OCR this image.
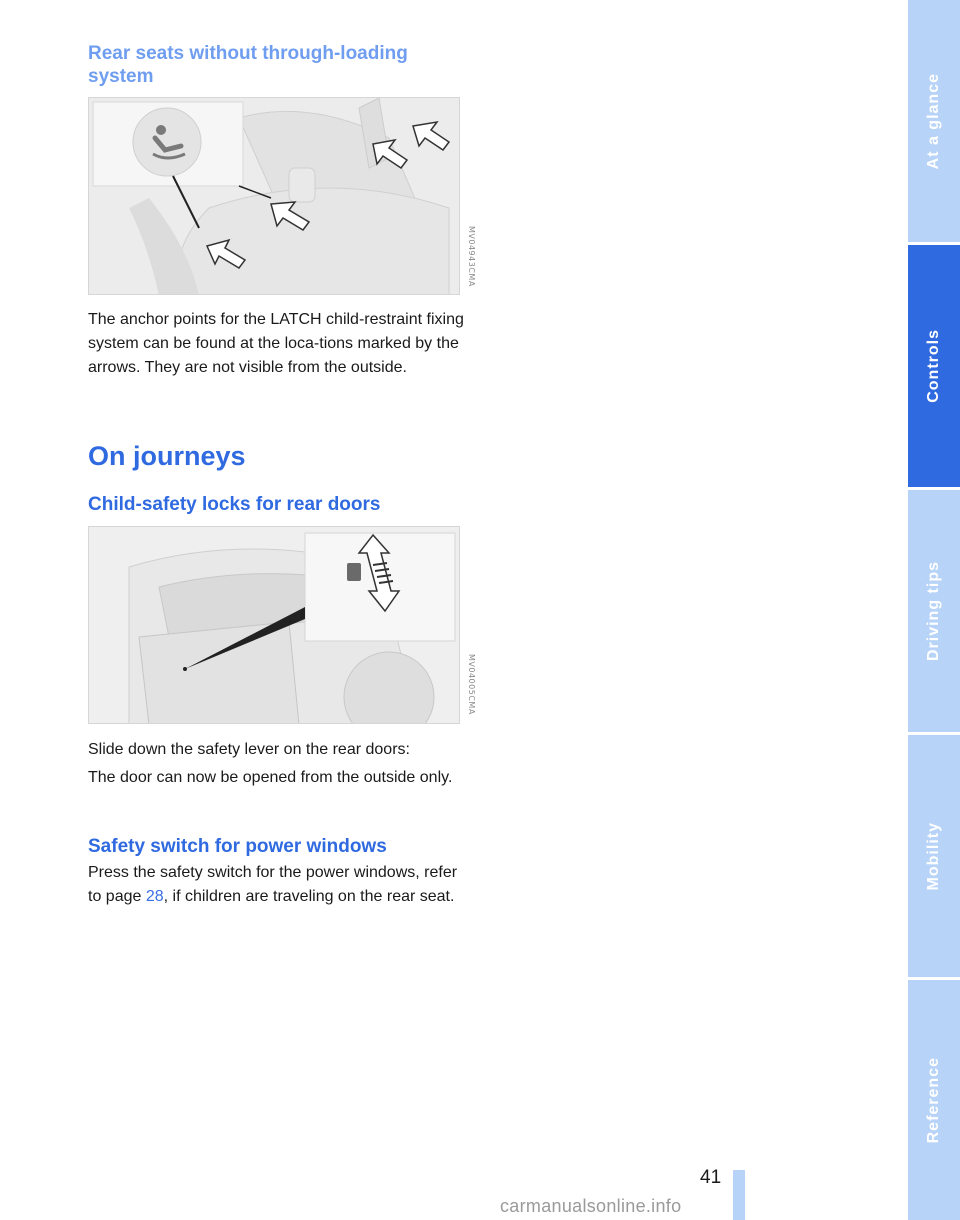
Rear seats without through-loading system
MV04943CMA
The anchor points for the LATCH child-restraint fixing system can be found at the loca-tions marked by the arrows. They are not visible from the outside.
On journeys
Child-safety locks for rear doors
MV04005CMA
Slide down the safety lever on the rear doors:
The door can now be opened from the outside only.
Safety switch for power windows
Press the safety switch for the power windows, refer to page 28, if children are traveling on the rear seat.
At a glance
Controls
Driving tips
Mobility
Reference
41
carmanualsonline.info
